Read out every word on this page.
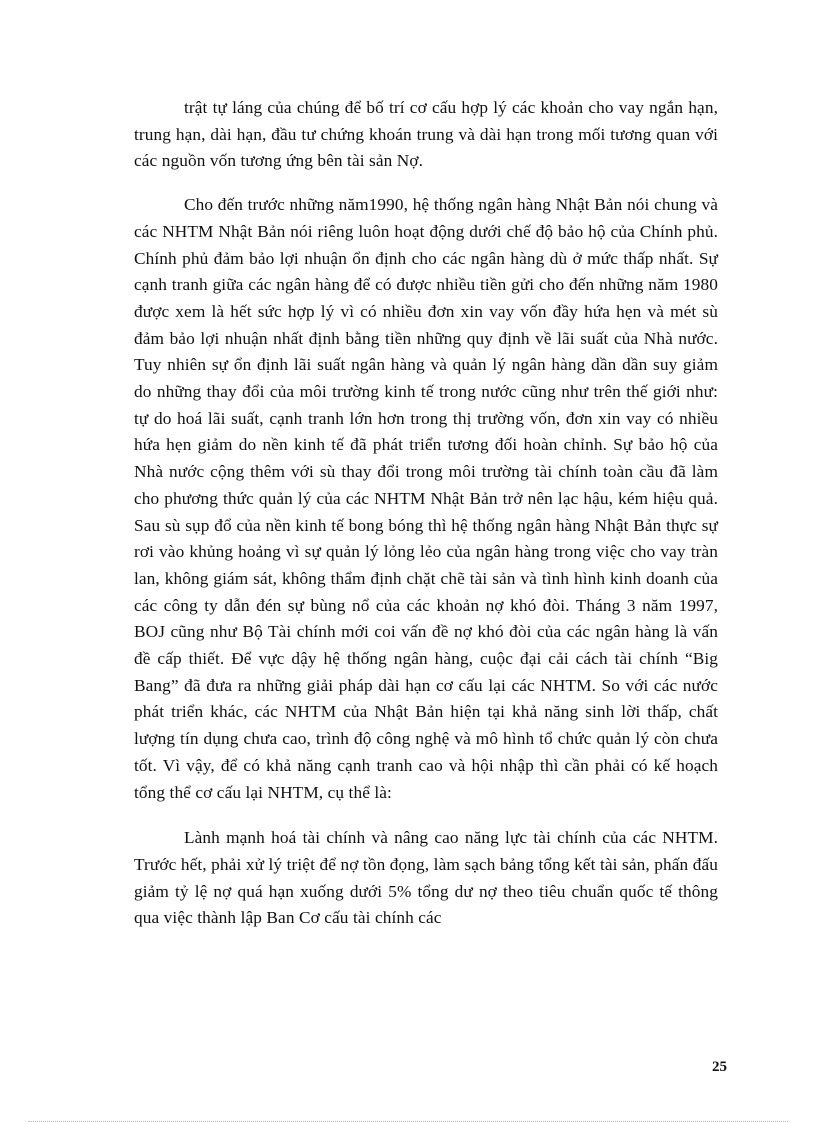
trật tự láng của chúng để bố trí cơ cấu hợp lý các khoản cho vay ngắn hạn, trung hạn, dài hạn, đầu tư chứng khoán trung và dài hạn trong mối tương quan với các nguồn vốn tương ứng bên tài sản Nợ.

Cho đến trước những năm1990, hệ thống ngân hàng Nhật Bản nói chung và các NHTM Nhật Bản nói riêng luôn hoạt động dưới chế độ bảo hộ của Chính phủ. Chính phủ đảm bảo lợi nhuận ổn định cho các ngân hàng dù ở mức thấp nhất. Sự cạnh tranh giữa các ngân hàng để có được nhiều tiền gửi cho đến những năm 1980 được xem là hết sức hợp lý vì có nhiều đơn xin vay vốn đầy hứa hẹn và mét sù đảm bảo lợi nhuận nhất định bằng tiền những quy định về lãi suất của Nhà nước. Tuy nhiên sự ổn định lãi suất ngân hàng và quản lý ngân hàng dần dần suy giảm do những thay đổi của môi trường kinh tế trong nước cũng như trên thế giới như: tự do hoá lãi suất, cạnh tranh lớn hơn trong thị trường vốn, đơn xin vay có nhiều hứa hẹn giảm do nền kinh tế đã phát triển tương đối hoàn chỉnh. Sự bảo hộ của Nhà nước cộng thêm với sù thay đổi trong môi trường tài chính toàn cầu đã làm cho phương thức quản lý của các NHTM Nhật Bản trở nên lạc hậu, kém hiệu quả. Sau sù sụp đổ của nền kinh tế bong bóng thì hệ thống ngân hàng Nhật Bản thực sự rơi vào khủng hoảng vì sự quản lý lỏng lẻo của ngân hàng trong việc cho vay tràn lan, không giám sát, không thẩm định chặt chẽ tài sản và tình hình kinh doanh của các công ty dẫn đén sự bùng nổ của các khoản nợ khó đòi. Tháng 3 năm 1997, BOJ cũng như Bộ Tài chính mới coi vấn đề nợ khó đòi của các ngân hàng là vấn đề cấp thiết. Để vực dậy hệ thống ngân hàng, cuộc đại cải cách tài chính “Big Bang” đã đưa ra những giải pháp dài hạn cơ cấu lại các NHTM. So với các nước phát triển khác, các NHTM của Nhật Bản hiện tại khả năng sinh lời thấp, chất lượng tín dụng chưa cao, trình độ công nghệ và mô hình tổ chức quản lý còn chưa tốt. Vì vậy, để có khả năng cạnh tranh cao và hội nhập thì cần phải có kế hoạch tổng thể cơ cấu lại NHTM, cụ thể là:

Lành mạnh hoá tài chính và nâng cao năng lực tài chính của các NHTM. Trước hết, phải xử lý triệt để nợ tồn đọng, làm sạch bảng tổng kết tài sản, phấn đấu giảm tỷ lệ nợ quá hạn xuống dưới 5% tổng dư nợ theo tiêu chuẩn quốc tế thông qua việc thành lập Ban Cơ cấu tài chính các

25
